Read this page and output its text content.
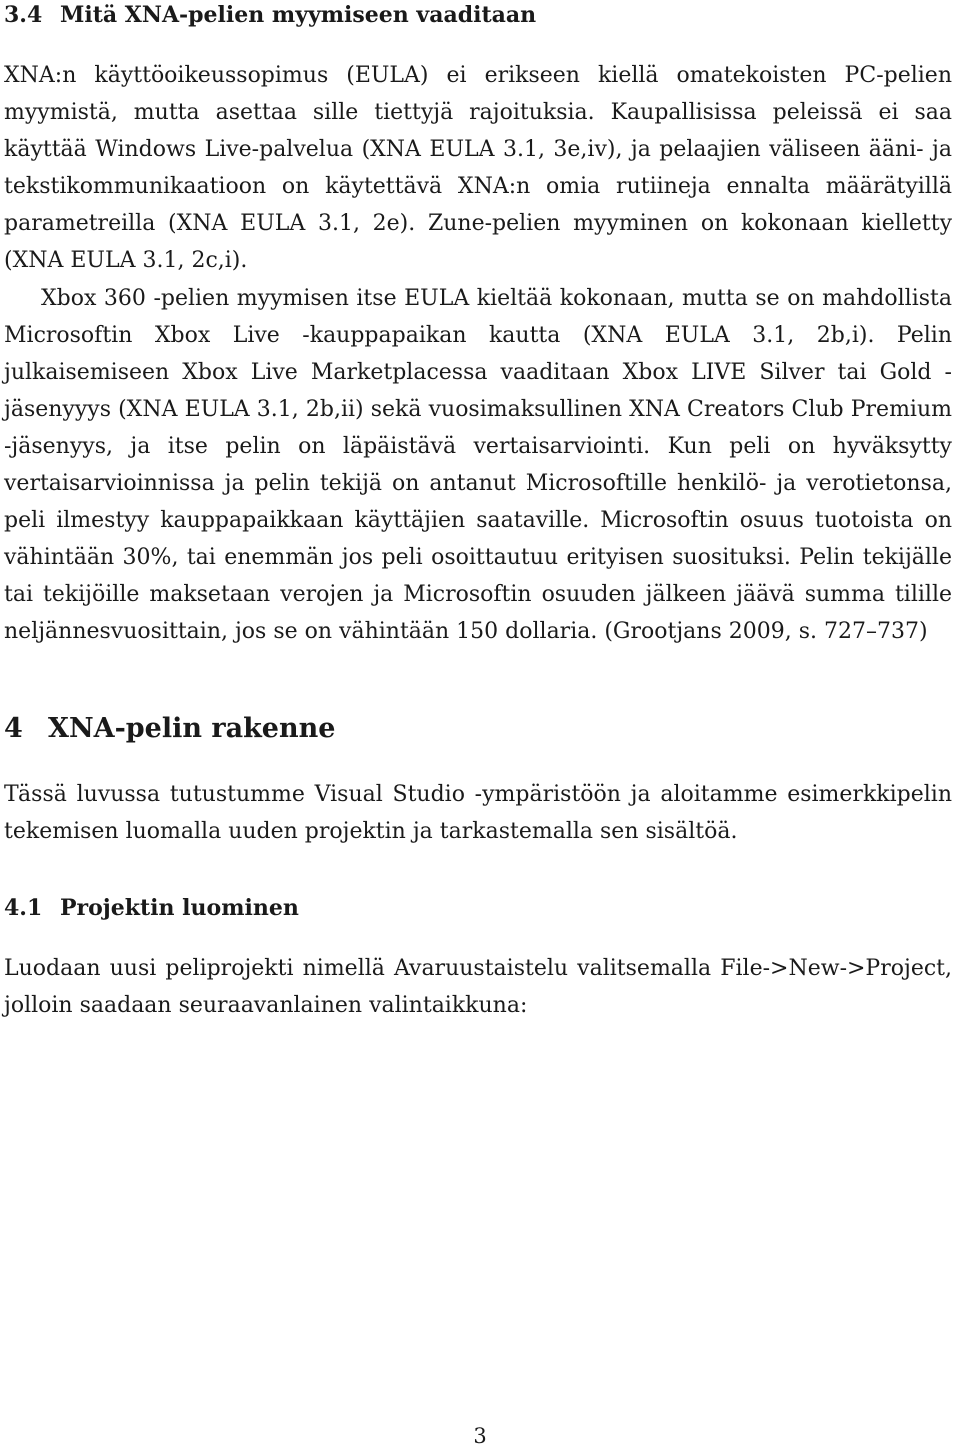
3.4 Mitä XNA-pelien myymiseen vaaditaan

XNA:n käyttöoikeussopimus (EULA) ei erikseen kiellä omatekoisten PC-pelien myymistä, mutta asettaa sille tiettyjä rajoituksia. Kaupallisissa peleissä ei saa käyttää Windows Live-palvelua (XNA EULA 3.1, 3e,iv), ja pelaajien väliseen ääni- ja tekstikommunikaatioon on käytettävä XNA:n omia rutiineja ennalta määrätyillä parametreilla (XNA EULA 3.1, 2e). Zune-pelien myyminen on kokonaan kielletty (XNA EULA 3.1, 2c,i).

Xbox 360 -pelien myymisen itse EULA kieltää kokonaan, mutta se on mahdollista Microsoftin Xbox Live -kauppapaikan kautta (XNA EULA 3.1, 2b,i). Pelin julkaisemiseen Xbox Live Marketplacessa vaaditaan Xbox LIVE Silver tai Gold -jäsenyyys (XNA EULA 3.1, 2b,ii) sekä vuosimaksullinen XNA Creators Club Premium -jäsenyys, ja itse pelin on läpäistävä vertaisarviointi. Kun peli on hyväksytty vertaisarvioinnissa ja pelin tekijä on antanut Microsoftille henkilö- ja verotietonsa, peli ilmestyy kauppapaikkaan käyttäjien saataville. Microsoftin osuus tuotoista on vähintään 30%, tai enemmän jos peli osoittautuu erityisen suosituksi. Pelin tekijälle tai tekijöille maksetaan verojen ja Microsoftin osuuden jälkeen jäävä summa tilille neljännesvuosittain, jos se on vähintään 150 dollaria. (Grootjans 2009, s. 727–737)

4 XNA-pelin rakenne

Tässä luvussa tutustumme Visual Studio -ympäristöön ja aloitamme esimerkkipelin tekemisen luomalla uuden projektin ja tarkastemalla sen sisältöä.

4.1 Projektin luominen

Luodaan uusi peliprojekti nimellä Avaruustaistelu valitsemalla File->New->Project, jolloin saadaan seuraavanlainen valintaikkuna:

3
